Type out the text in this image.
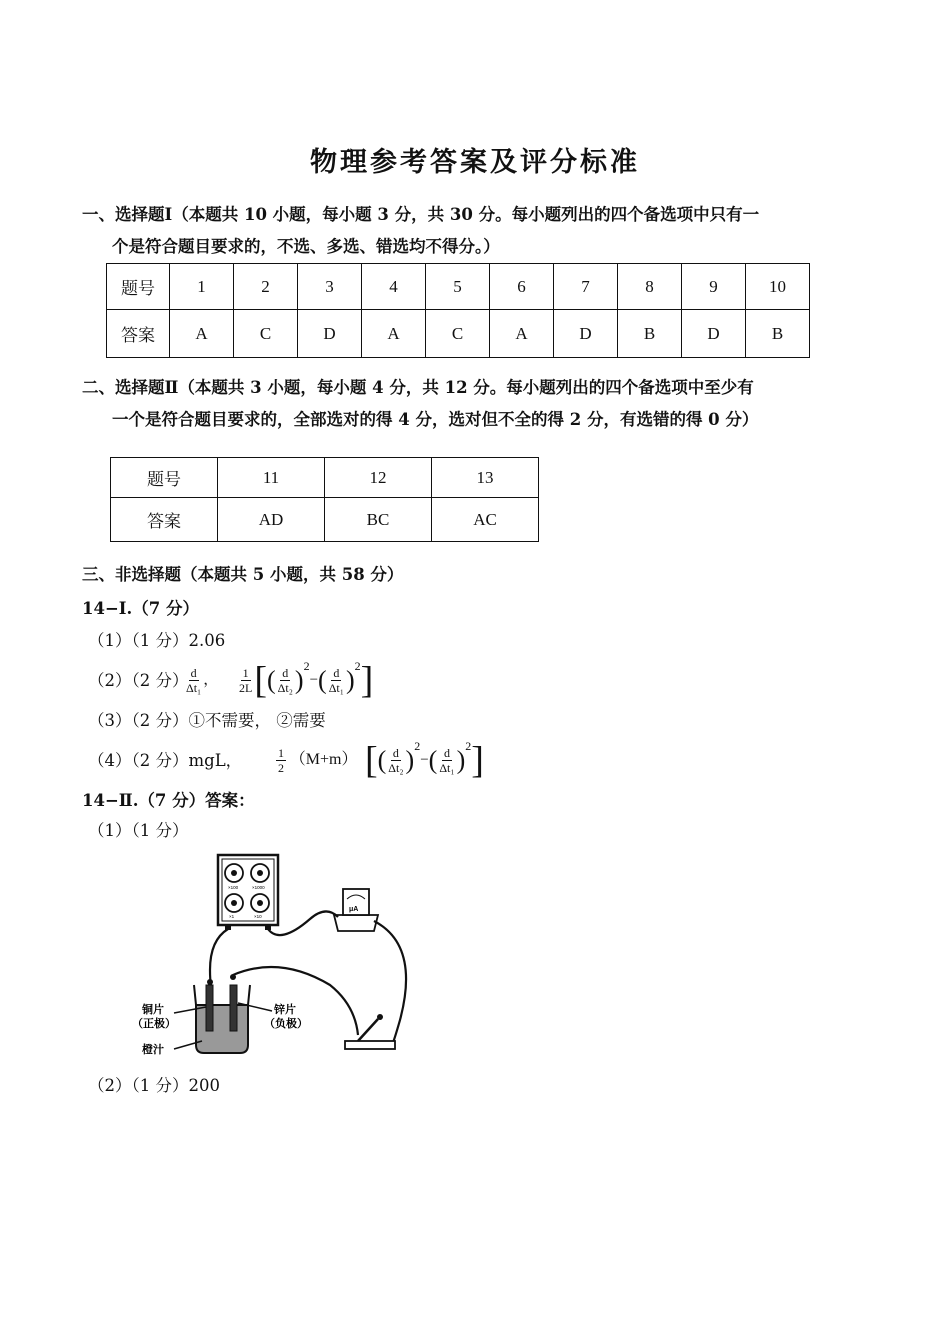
物理参考答案及评分标准
一、选择题Ⅰ（本题共 10 小题，每小题 3 分，共 30 分。每小题列出的四个备选项中只有一
个是符合题目要求的，不选、多选、错选均不得分。）
题号	1	2	3	4	5	6	7	8	9	10
答案	A	C	D	A	C	A	D	B	D	B
二、选择题Ⅱ（本题共 3 小题，每小题 4 分，共 12 分。每小题列出的四个备选项中至少有
一个是符合题目要求的，全部选对的得 4 分，选对但不全的得 2 分，有选错的得 0 分）
题号	11	12	13
答案	AD	BC	AC
三、非选择题（本题共 5 小题，共 58 分）
14−Ⅰ.（7 分）
（1）（1 分）2.06
（2）（2 分）
$\frac{d}{\text{Δt₁}}$ ， $\frac{1}{2L}$ [( $\frac{d}{\text{Δt₂}} )^2-( \frac{d}{\text{Δt₁}} )^2$]
（3）（2 分）①不需要， ②需要
（4）（2 分）mgL，	$\frac{1}{2} (M+m)$ [( $\frac{d}{\text{Δt₂}} )^2-( \frac{d}{\text{Δt₁}} )^2$]
14−Ⅱ.（7 分）答案：
（1）（1 分）
×100	×1000
×1	×10
μA
铜片
（正极）
橙汁
锌片
（负极）
（2）（1 分）200
